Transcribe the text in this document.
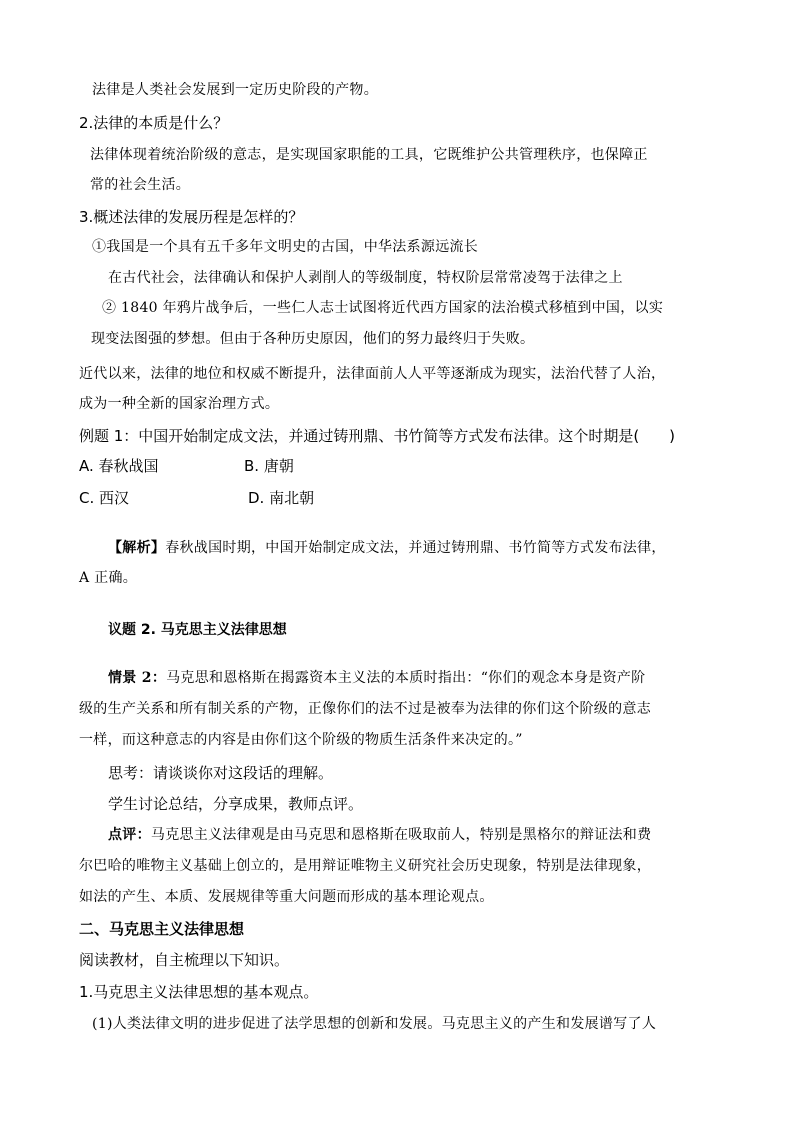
法律是人类社会发展到一定历史阶段的产物。
2.法律的本质是什么？
法律体现着统治阶级的意志，是实现国家职能的工具，它既维护公共管理秩序，也保障正
常的社会生活。
3.概述法律的发展历程是怎样的？
①我国是一个具有五千多年文明史的古国，中华法系源远流长
在古代社会，法律确认和保护人剥削人的等级制度，特权阶层常常凌驾于法律之上
② 1840 年鸦片战争后，一些仁人志士试图将近代西方国家的法治模式移植到中国，以实
现变法图强的梦想。但由于各种历史原因，他们的努力最终归于失败。
近代以来，法律的地位和权威不断提升，法律面前人人平等逐渐成为现实，法治代替了人治，
成为一种全新的国家治理方式。
例题 1：中国开始制定成文法，并通过铸刑鼎、书竹简等方式发布法律。这个时期是(　　)
A. 春秋战国	B. 唐朝
C. 西汉	D. 南北朝
【解析】春秋战国时期，中国开始制定成文法，并通过铸刑鼎、书竹简等方式发布法律，
A 正确。
议题 2. 马克思主义法律思想
情景 2：马克思和恩格斯在揭露资本主义法的本质时指出：“你们的观念本身是资产阶
级的生产关系和所有制关系的产物，正像你们的法不过是被奉为法律的你们这个阶级的意志
一样，而这种意志的内容是由你们这个阶级的物质生活条件来决定的。”
思考：请谈谈你对这段话的理解。
学生讨论总结，分享成果，教师点评。
点评：马克思主义法律观是由马克思和恩格斯在吸取前人，特别是黑格尔的辩证法和费
尔巴哈的唯物主义基础上创立的，是用辩证唯物主义研究社会历史现象，特别是法律现象，
如法的产生、本质、发展规律等重大问题而形成的基本理论观点。
二、马克思主义法律思想
阅读教材，自主梳理以下知识。
1.马克思主义法律思想的基本观点。
(1)人类法律文明的进步促进了法学思想的创新和发展。马克思主义的产生和发展谱写了人
